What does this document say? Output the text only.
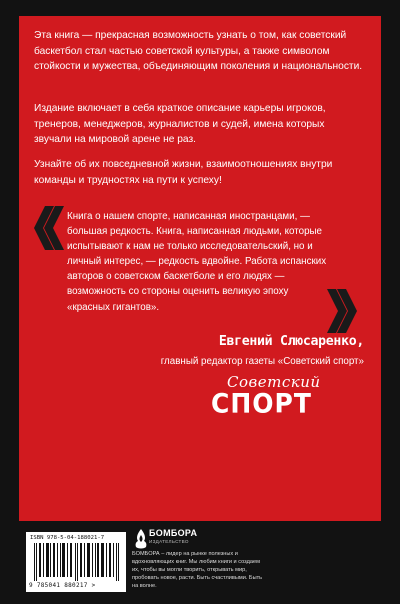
Эта книга — прекрасная возможность узнать о том, как советский баскетбол стал частью советской культуры, а также символом стойкости и мужества, объединяющим поколения и национальности.

Издание включает в себя краткое описание карьеры игроков, тренеров, менеджеров, журналистов и судей, имена которых звучали на мировой арене не раз.

Узнайте об их повседневной жизни, взаимоотношениях внутри команды и трудностях на пути к успеху!

Книга о нашем спорте, написанная иностранцами, — большая редкость. Книга, написанная людьми, которые испытывают к нам не только исследовательский, но и личный интерес, — редкость вдвойне. Работа испанских авторов о советском баскетболе и его людях — возможность со стороны оценить великую эпоху «красных гигантов».

Евгений Слюсаренко,

главный редактор газеты «Советский спорт»

Советский
СПОРТ
ISBN 978-5-04-188021-7
9 785041 880217 >

БОМБОРА

ИЗДАТЕЛЬСТВО

БОМБОРА – лидер на рынке полезных и вдохновляющих книг. Мы любим книги и создаем их, чтобы вы могли творить, открывать мир, пробовать новое, расти. Быть счастливыми. Быть на волне.
